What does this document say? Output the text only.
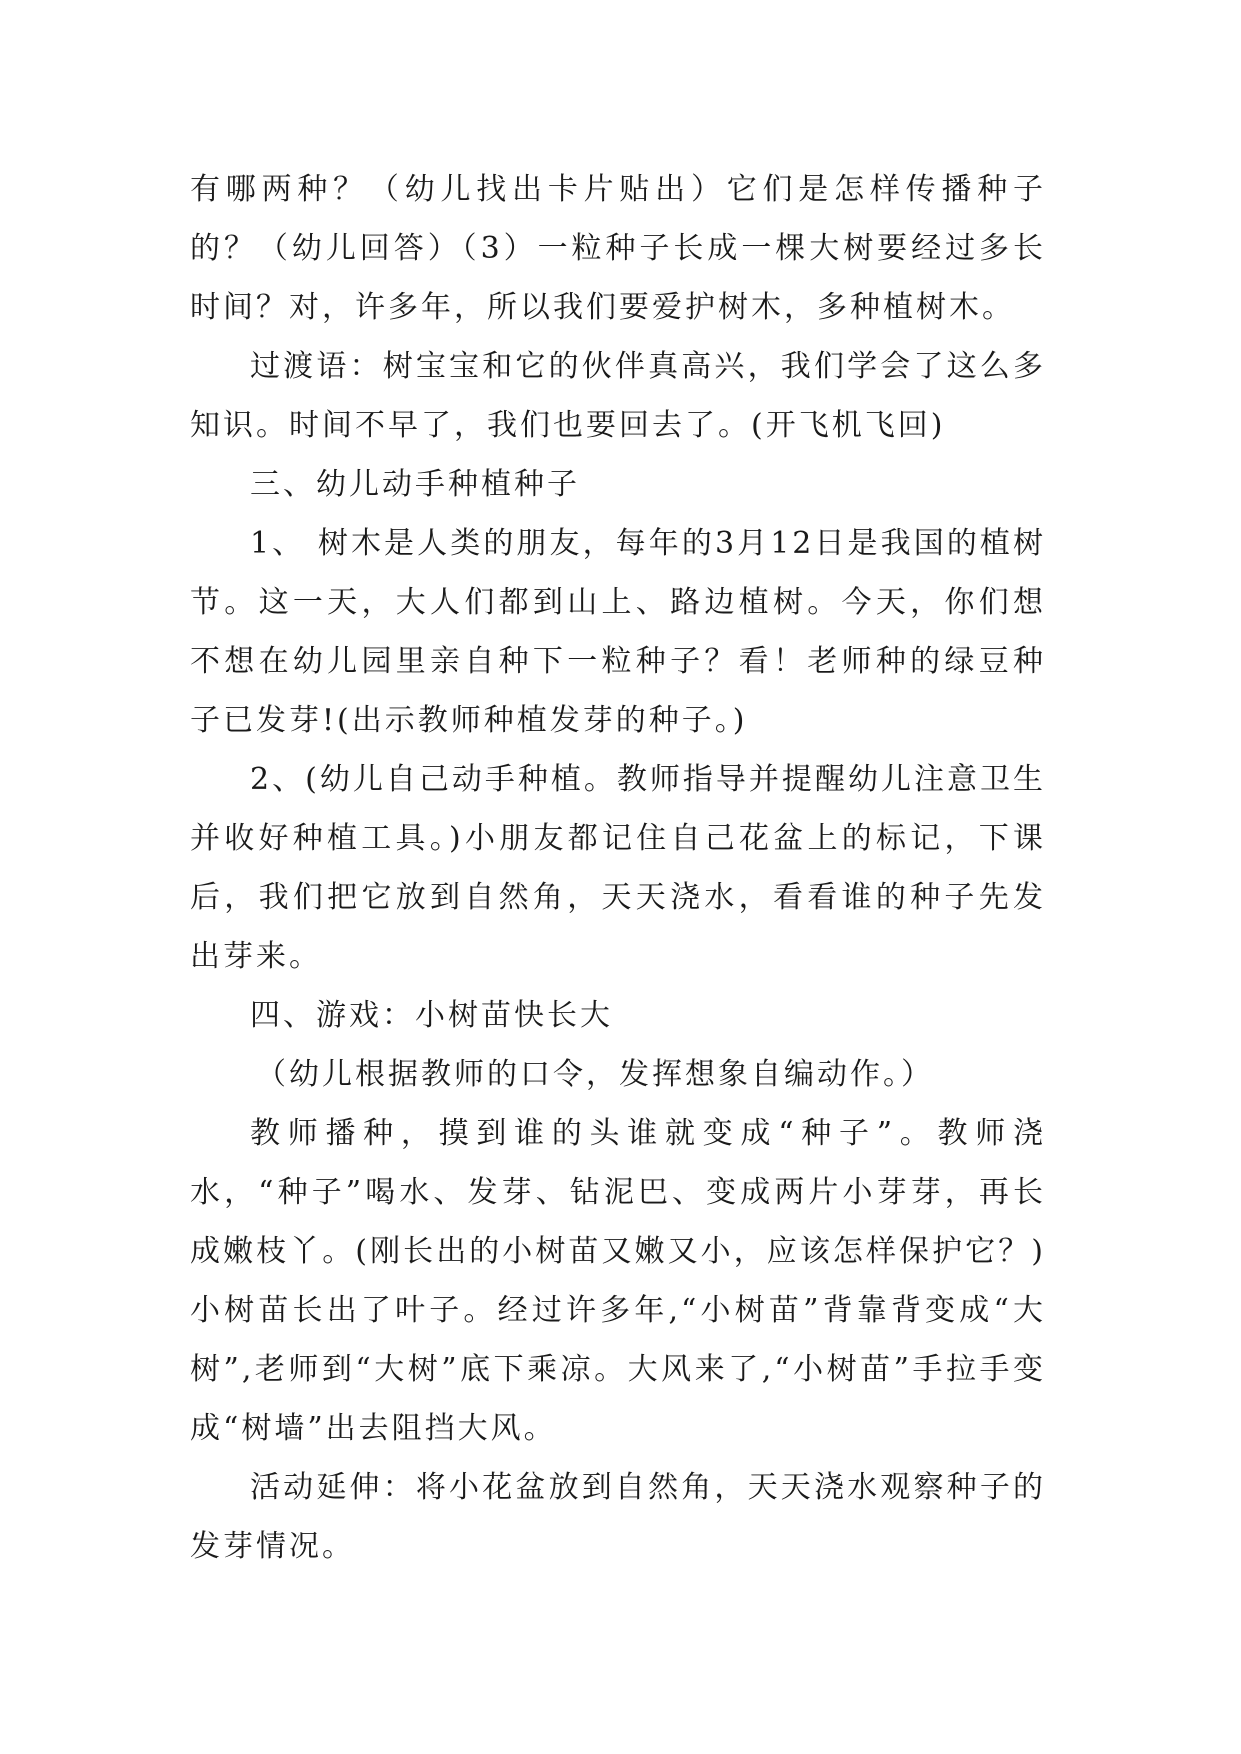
有哪两种？（幼儿找出卡片贴出）它们是怎样传播种子的？（幼儿回答）（3）一粒种子长成一棵大树要经过多长时间？对，许多年，所以我们要爱护树木，多种植树木。

过渡语：树宝宝和它的伙伴真高兴，我们学会了这么多知识。时间不早了，我们也要回去了。(开飞机飞回)

三、幼儿动手种植种子

1、 树木是人类的朋友，每年的3月12日是我国的植树节。这一天，大人们都到山上、路边植树。今天，你们想不想在幼儿园里亲自种下一粒种子？看！老师种的绿豆种子已发芽!(出示教师种植发芽的种子。)

2、(幼儿自己动手种植。教师指导并提醒幼儿注意卫生并收好种植工具。)小朋友都记住自己花盆上的标记，下课后，我们把它放到自然角，天天浇水，看看谁的种子先发出芽来。

四、游戏：小树苗快长大

（幼儿根据教师的口令，发挥想象自编动作。）

教师播种，摸到谁的头谁就变成“种子”。教师浇水，“种子”喝水、发芽、钻泥巴、变成两片小芽芽，再长成嫩枝丫。(刚长出的小树苗又嫩又小，应该怎样保护它？)小树苗长出了叶子。经过许多年,“小树苗”背靠背变成“大树”,老师到“大树”底下乘凉。大风来了,“小树苗”手拉手变成“树墙”出去阻挡大风。

活动延伸：将小花盆放到自然角，天天浇水观察种子的发芽情况。
